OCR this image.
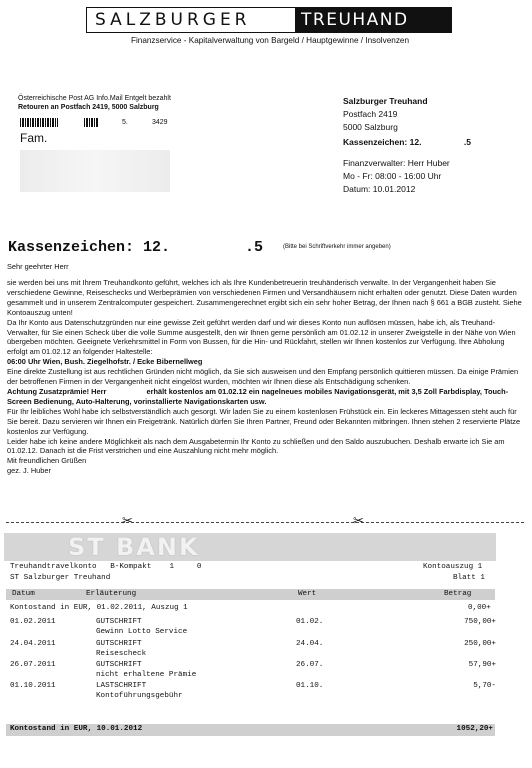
SALZBURGER	TREUHAND
Finanzservice - Kapitalverwaltung von Bargeld / Hauptgewinne / Insolvenzen
Österreichische Post AG Info.Mail Entgelt bezahlt
Retouren an Postfach 2419, 5000 Salzburg
5.	3429
Fam.
Salzburger Treuhand
Postfach 2419
5000 Salzburg
Kassenzeichen: 12.	.5
Finanzverwalter: Herr Huber
Mo - Fr: 08:00 - 16:00 Uhr
Datum: 10.01.2012
Kassenzeichen: 12.	.5	(Bitte bei Schriftverkehr immer angeben)
Sehr geehrter Herr

sie werden bei uns mit Ihrem Treuhandkonto geführt, welches ich als Ihre Kundenbetreuerin treuhänderisch verwalte. In der Vergangenheit haben Sie verschiedene Gewinne, Reiseschecks und Werbeprämien von verschiedenen Firmen und Versandhäusern nicht erhalten oder genutzt. Diese Daten wurden gesammelt und in unserem Zentralcomputer gespeichert. Zusammengerechnet ergibt sich ein sehr hoher Betrag, der Ihnen nach § 661 a BGB zusteht. Siehe Kontoauszug unten!

Da Ihr Konto aus Datenschutzgründen nur eine gewisse Zeit geführt werden darf und wir dieses Konto nun auflösen müssen, habe ich, als Treuhand-Verwalter, für Sie einen Scheck über die volle Summe ausgestellt, den wir Ihnen gerne persönlich am 01.02.12 in unserer Zweigstelle in der Nähe von Wien übergeben möchten. Geeignete Verkehrsmittel in Form von Bussen, für die Hin- und Rückfahrt, stellen wir Ihnen kostenlos zur Verfügung. Ihre Abholung erfolgt am 01.02.12 an folgender Haltestelle:

06:00 Uhr Wien, Bush. Ziegelhofstr. / Ecke Bibernellweg

Eine direkte Zustellung ist aus rechtlichen Gründen nicht möglich, da Sie sich ausweisen und den Empfang persönlich quittieren müssen. Da einige Prämien der betroffenen Firmen in der Vergangenheit nicht eingelöst wurden, möchten wir Ihnen diese als Entschädigung schenken.

Achtung Zusatzprämie! Herr	erhält kostenlos am 01.02.12 ein nagelneues mobiles Navigationsgerät, mit 3,5 Zoll Farbdisplay, Touch-Screen Bedienung, Auto-Halterung, vorinstallierte Navigationskarten usw.

Für Ihr leibliches Wohl habe ich selbstverständlich auch gesorgt. Wir laden Sie zu einem kostenlosen Frühstück ein. Ein leckeres Mittagessen steht auch für Sie bereit. Dazu servieren wir Ihnen ein Freigetränk. Natürlich dürfen Sie Ihren Partner, Freund oder Bekannten mitbringen. Ihnen stehen 2 reservierte Plätze kostenlos zur Verfügung.

Leider habe ich keine andere Möglichkeit als nach dem Ausgabetermin Ihr Konto zu schließen und den Saldo auszubuchen. Deshalb erwarte ich Sie am 01.02.12. Danach ist die Frist verstrichen und eine Auszahlung nicht mehr möglich.

Mit freundlichen Grüßen

gez. J. Huber

✂	✂
ST BANK
Treuhandtravelkonto   B-Kompakt    1     0	Kontoauszug 1
ST Salzburger Treuhand	Blatt 1
Datum	Erläuterung	Wert	Betrag
Kontostand in EUR, 01.02.2011, Auszug 1	0,00+
01.02.2011	GUTSCHRIFT
Gewinn Lotto Service
01.02.	750,00+
24.04.2011	GUTSCHRIFT
Reisescheck
24.04.	250,00+
26.07.2011	GUTSCHRIFT
nicht erhaltene Prämie
26.07.	57,90+
01.10.2011	LASTSCHRIFT
Kontoführungsgebühr
01.10.	5,70-
Kontostand in EUR, 10.01.2012	1052,20+
